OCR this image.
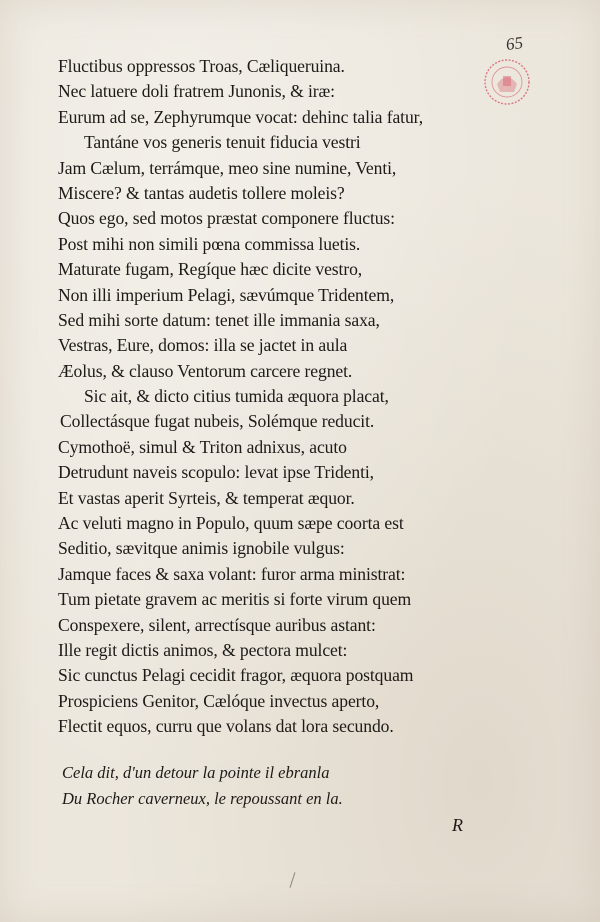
65
Fluctibus oppressos Troas, Cæliqueruina.
Nec latuere doli fratrem Junonis, & iræ:
Eurum ad se, Zephyrumque vocat: dehinc talia fatur,
Tantáne vos generis tenuit fiducia vestri
Jam Cælum, terrámque, meo sine numine, Venti,
Miscere? & tantas audetis tollere moleis?
Quos ego, sed motos præstat componere fluctus:
Post mihi non simili pœna commissa luetis.
Maturate fugam, Regíque hæc dicite vestro,
Non illi imperium Pelagi, sævúmque Tridentem,
Sed mihi sorte datum: tenet ille immania saxa,
Vestras, Eure, domos: illa se jactet in aula
Æolus, & clauso Ventorum carcere regnet.
Sic ait, & dicto citius tumida æquora placat,
Collectásque fugat nubeis, Solémque reducit.
Cymothoë, simul & Triton adnixus, acuto
Detrudunt naveis scopulo: levat ipse Tridenti,
Et vastas aperit Syrteis, & temperat æquor.
Ac veluti magno in Populo, quum sæpe coorta est
Seditio, sævitque animis ignobile vulgus:
Jamque faces & saxa volant: furor arma ministrat:
Tum pietate gravem ac meritis si forte virum quem
Conspexere, silent, arrectísque auribus astant:
Ille regit dictis animos, & pectora mulcet:
Sic cunctus Pelagi cecidit fragor, æquora postquam
Prospiciens Genitor, Cælóque invectus aperto,
Flectit equos, curru que volans dat lora secundo.
Cela dit, d'un detour la pointe il ebranla
Du Rocher caverneux, le repoussant en la.
R
